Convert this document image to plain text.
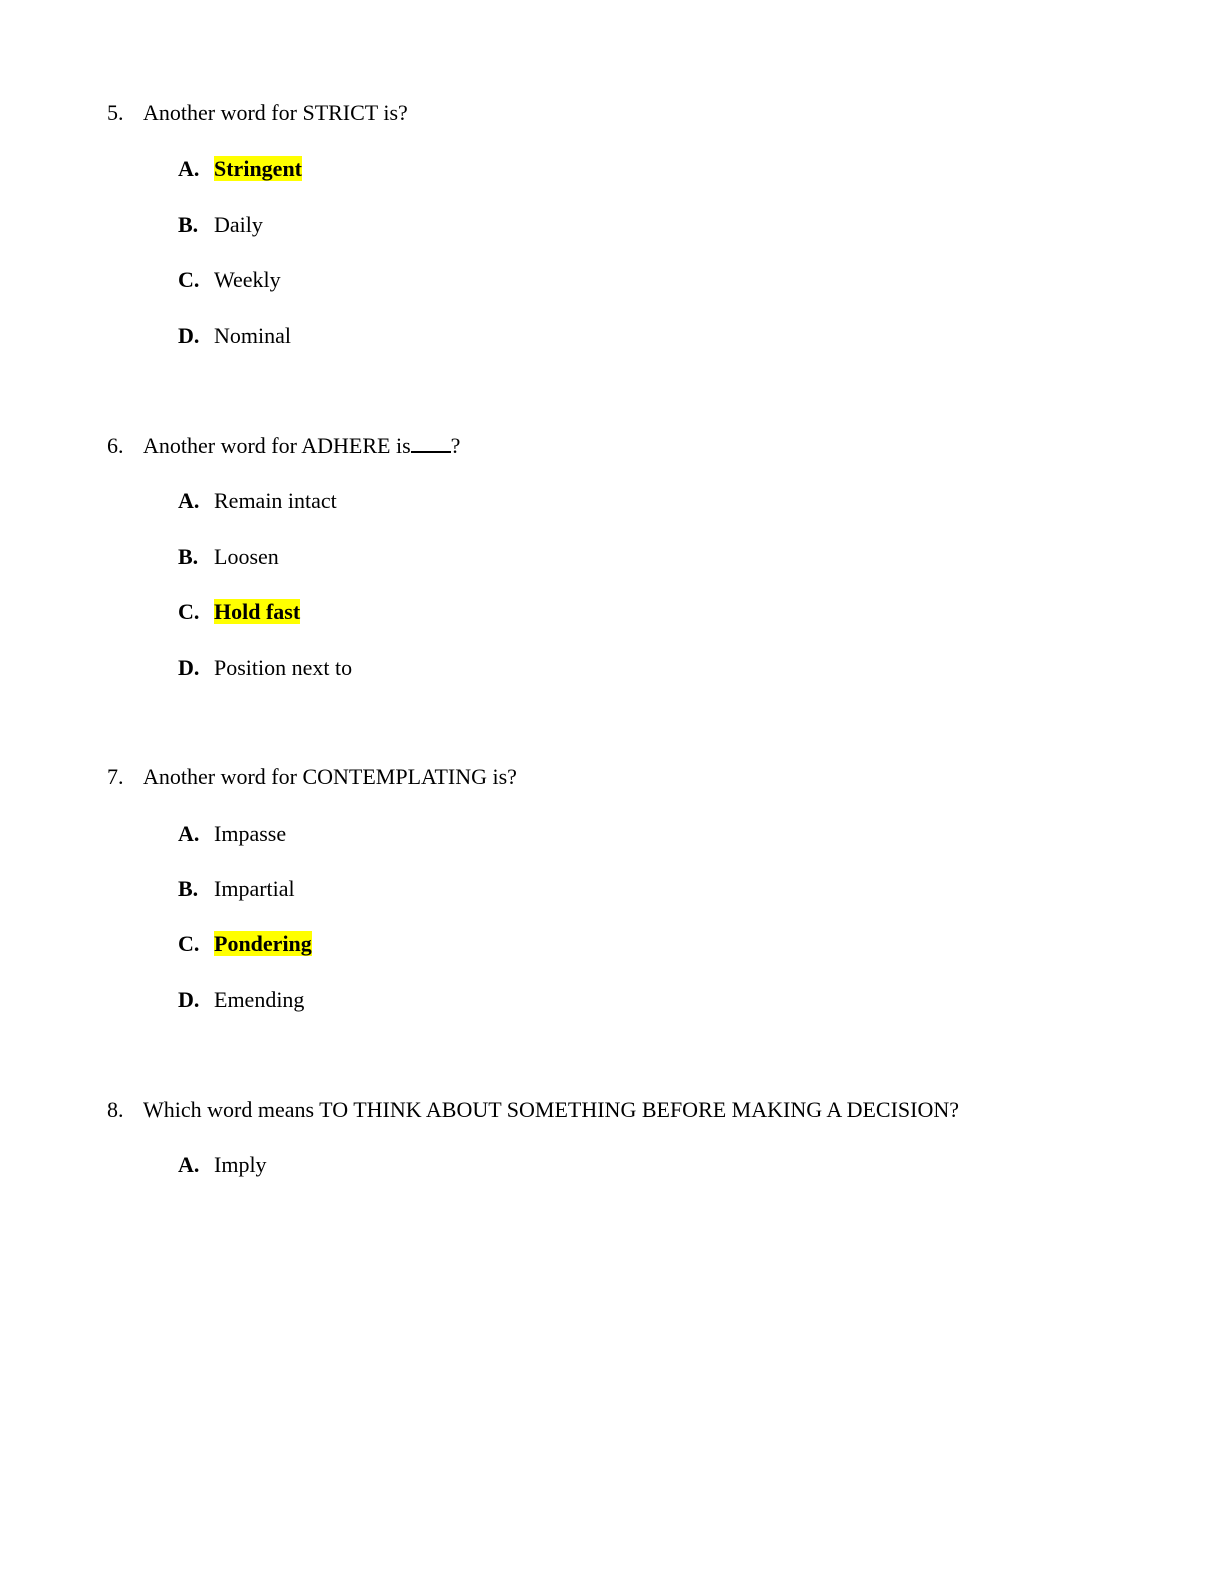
5. Another word for STRICT is?
A. Stringent
B. Daily
C. Weekly
D. Nominal
6. Another word for ADHERE is ?
A. Remain intact
B. Loosen
C. Hold fast
D. Position next to
7. Another word for CONTEMPLATING is?
A. Impasse
B. Impartial
C. Pondering
D. Emending
8. Which word means TO THINK ABOUT SOMETHING BEFORE MAKING A DECISION?
A. Imply
